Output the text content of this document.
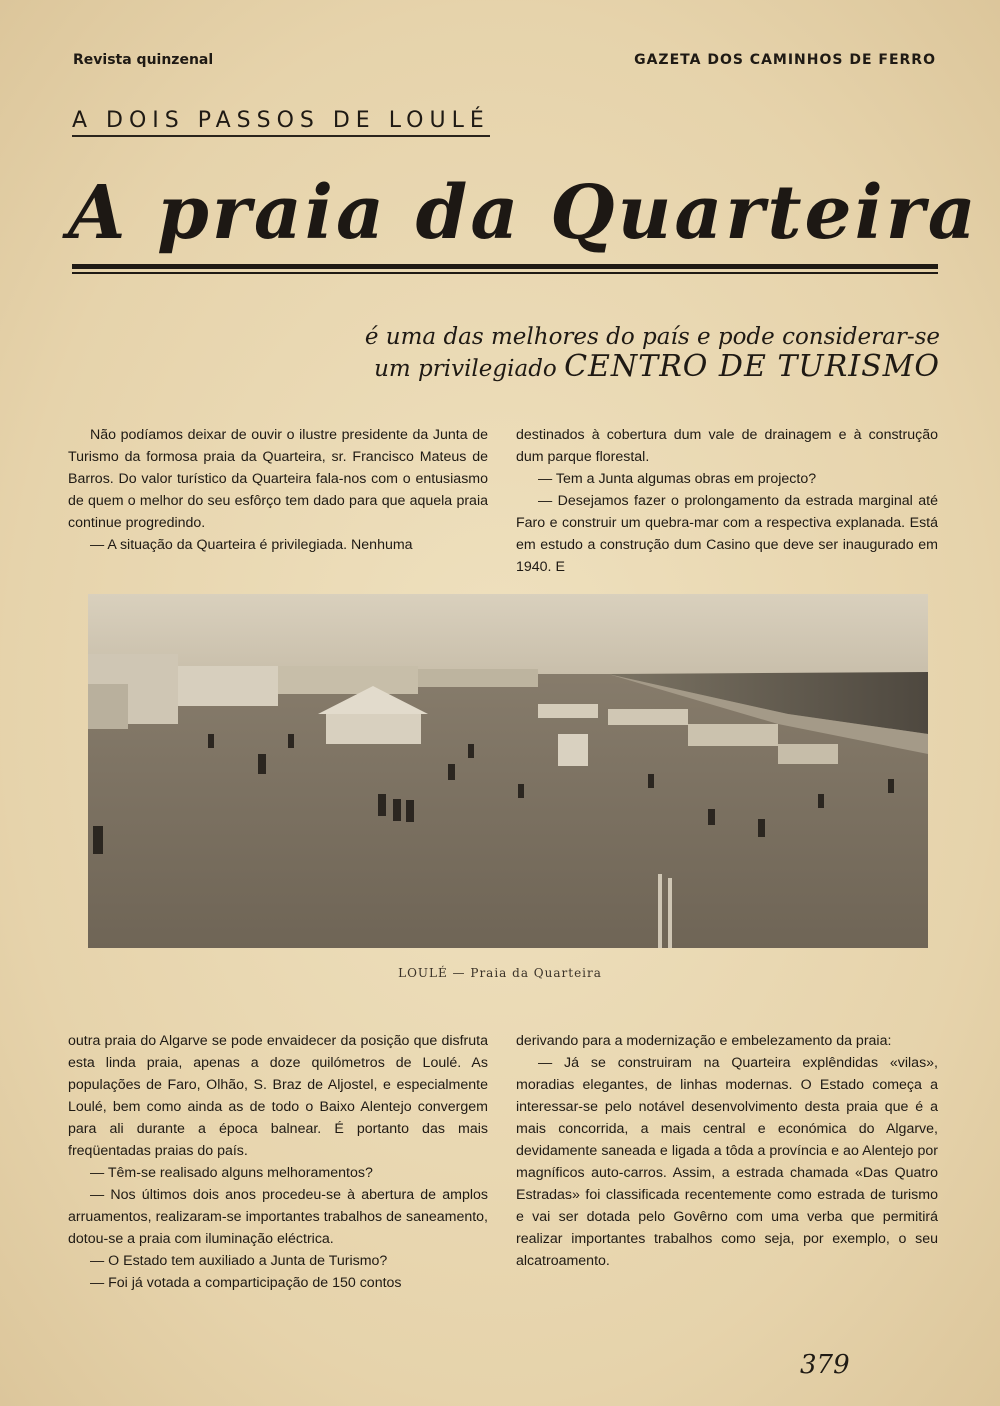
Revista quinzenal	GAZETA DOS CAMINHOS DE FERRO
A DOIS PASSOS DE LOULÉ
A praia da Quarteira
é uma das melhores do país e pode considerar-se
um privilegiado CENTRO DE TURISMO

Não podíamos deixar de ouvir o ilustre presidente da Junta de Turismo da formosa praia da Quarteira, sr. Francisco Mateus de Barros. Do valor turístico da Quarteira fala-nos com o entusiasmo de quem o melhor do seu esfôrço tem dado para que aquela praia continue progredindo.

— A situação da Quarteira é privilegiada. Nenhuma

destinados à cobertura dum vale de drainagem e à construção dum parque florestal.

— Tem a Junta algumas obras em projecto?

— Desejamos fazer o prolongamento da estrada marginal até Faro e construir um quebra-mar com a respectiva explanada. Está em estudo a construção dum Casino que deve ser inaugurado em 1940. E

LOULÉ — Praia da Quarteira

outra praia do Algarve se pode envaidecer da posição que disfruta esta linda praia, apenas a doze quilómetros de Loulé. As populações de Faro, Olhão, S. Braz de Aljostel, e especialmente Loulé, bem como ainda as de todo o Baixo Alentejo convergem para ali durante a época balnear. É portanto das mais freqüentadas praias do país.

— Têm-se realisado alguns melhoramentos?

— Nos últimos dois anos procedeu-se à abertura de amplos arruamentos, realizaram-se importantes trabalhos de saneamento, dotou-se a praia com iluminação eléctrica.

— O Estado tem auxiliado a Junta de Turismo?

— Foi já votada a comparticipação de 150 contos

derivando para a modernização e embelezamento da praia:

— Já se construiram na Quarteira explêndidas «vilas», moradias elegantes, de linhas modernas. O Estado começa a interessar-se pelo notável desenvolvimento desta praia que é a mais concorrida, a mais central e económica do Algarve, devidamente saneada e ligada a tôda a província e ao Alentejo por magníficos auto-carros. Assim, a estrada chamada «Das Quatro Estradas» foi classificada recentemente como estrada de turismo e vai ser dotada pelo Govêrno com uma verba que permitirá realizar importantes trabalhos como seja, por exemplo, o seu alcatroamento.

379
